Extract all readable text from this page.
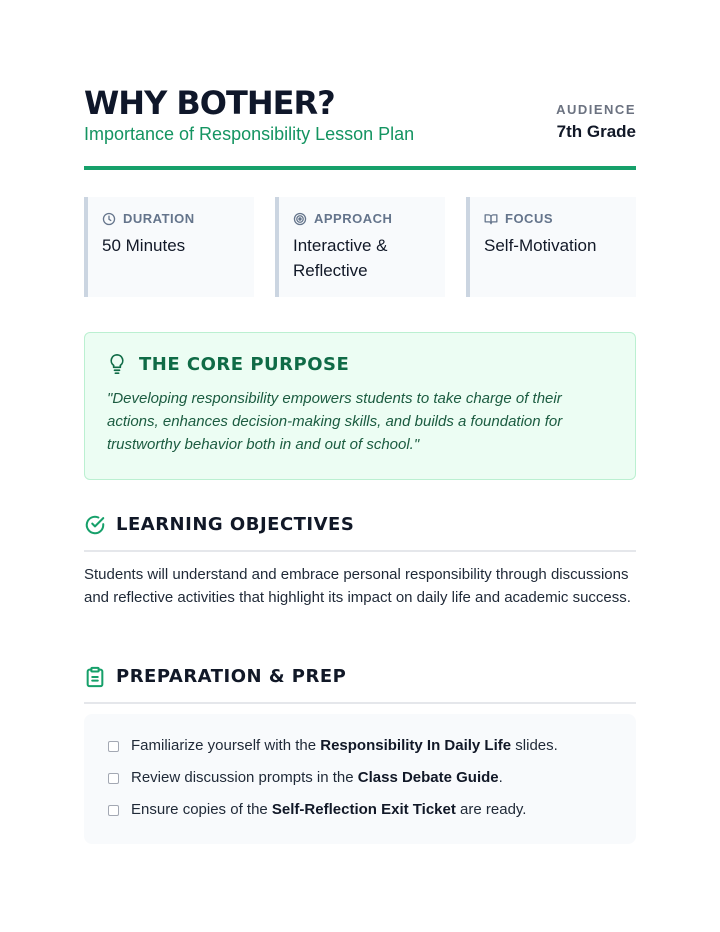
WHY BOTHER?
Importance of Responsibility Lesson Plan
AUDIENCE
7th Grade
DURATION
50 Minutes
APPROACH
Interactive & Reflective
FOCUS
Self-Motivation
THE CORE PURPOSE
"Developing responsibility empowers students to take charge of their actions, enhances decision-making skills, and builds a foundation for trustworthy behavior both in and out of school."
LEARNING OBJECTIVES
Students will understand and embrace personal responsibility through discussions and reflective activities that highlight its impact on daily life and academic success.
PREPARATION & PREP
Familiarize yourself with the Responsibility In Daily Life slides.
Review discussion prompts in the Class Debate Guide.
Ensure copies of the Self-Reflection Exit Ticket are ready.
